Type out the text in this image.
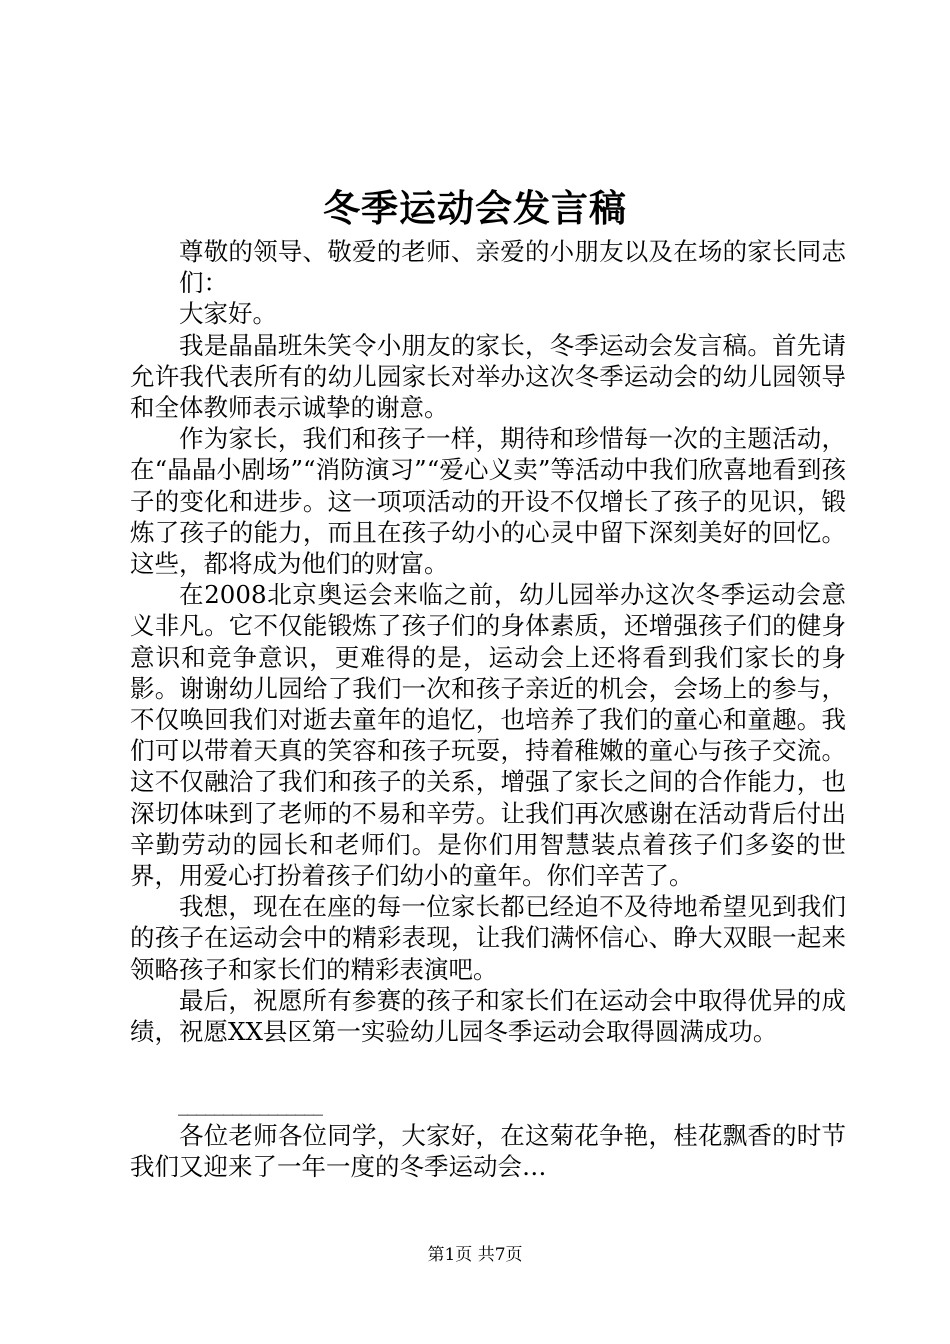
冬季运动会发言稿

尊敬的领导、敬爱的老师、亲爱的小朋友以及在场的家长同志们：

大家好。

我是晶晶班朱笑令小朋友的家长，冬季运动会发言稿。首先请允许我代表所有的幼儿园家长对举办这次冬季运动会的幼儿园领导和全体教师表示诚挚的谢意。

作为家长，我们和孩子一样，期待和珍惜每一次的主题活动，在“晶晶小剧场”“消防演习”“爱心义卖”等活动中我们欣喜地看到孩子的变化和进步。这一项项活动的开设不仅增长了孩子的见识，锻炼了孩子的能力，而且在孩子幼小的心灵中留下深刻美好的回忆。这些，都将成为他们的财富。

在2008北京奥运会来临之前，幼儿园举办这次冬季运动会意义非凡。它不仅能锻炼了孩子们的身体素质，还增强孩子们的健身意识和竞争意识，更难得的是，运动会上还将看到我们家长的身影。谢谢幼儿园给了我们一次和孩子亲近的机会，会场上的参与，不仅唤回我们对逝去童年的追忆，也培养了我们的童心和童趣。我们可以带着天真的笑容和孩子玩耍，持着稚嫩的童心与孩子交流。这不仅融洽了我们和孩子的关系，增强了家长之间的合作能力，也深切体味到了老师的不易和辛劳。让我们再次感谢在活动背后付出辛勤劳动的园长和老师们。是你们用智慧装点着孩子们多姿的世界，用爱心打扮着孩子们幼小的童年。你们辛苦了。

我想，现在在座的每一位家长都已经迫不及待地希望见到我们的孩子在运动会中的精彩表现，让我们满怀信心、睁大双眼一起来领略孩子和家长们的精彩表演吧。

最后，祝愿所有参赛的孩子和家长们在运动会中取得优异的成绩，祝愿XX县区第一实验幼儿园冬季运动会取得圆满成功。

________________

各位老师各位同学，大家好，在这菊花争艳，桂花飘香的时节我们又迎来了一年一度的冬季运动会…

第1页 共7页
